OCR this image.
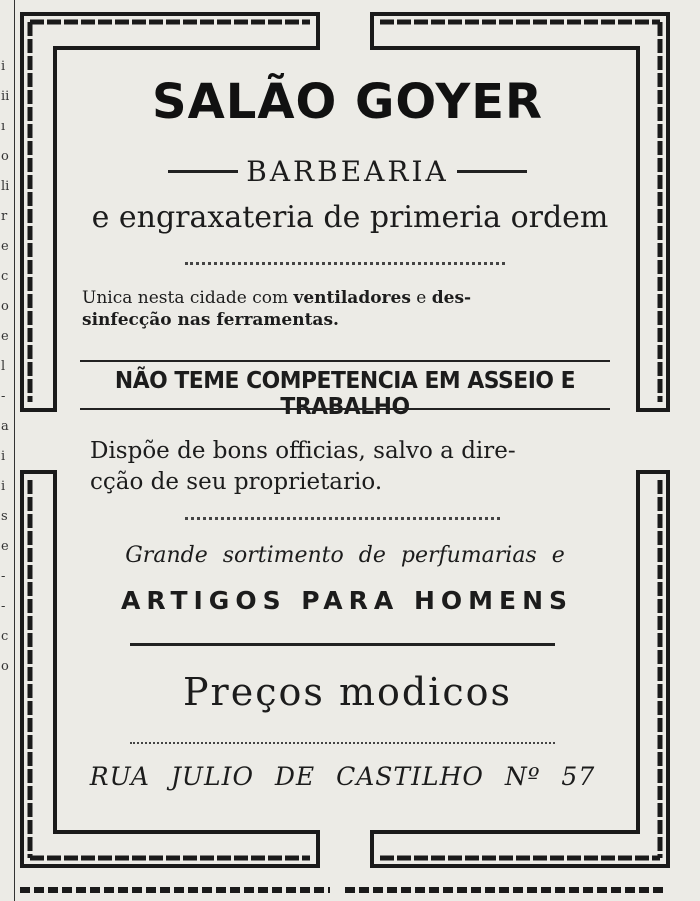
i
ii
ı
o
li
r
e
c
o
e
l
-
a
i
i
s
e
-
-
c
o
SALÃO GOYER
BARBEARIA
e engraxateria de primeria ordem
Unica nesta cidade com ventiladores e des-
sinfecção nas ferramentas.
NÃO TEME COMPETENCIA EM ASSEIO E TRABALHO
Dispõe de bons officias, salvo a dire-
cção de seu proprietario.
Grande sortimento de perfumarias e
ARTIGOS PARA HOMENS
Preços modicos
RUA JULIO DE CASTILHO Nº 57
